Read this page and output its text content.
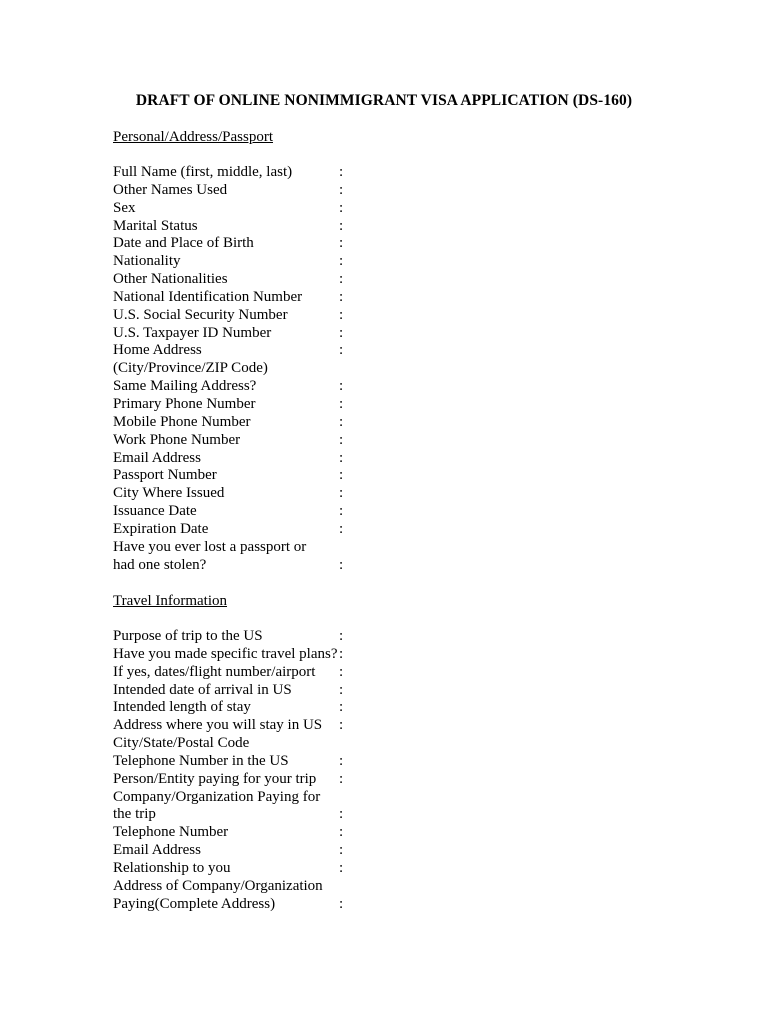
DRAFT OF ONLINE NONIMMIGRANT VISA APPLICATION (DS-160)
Personal/Address/Passport
Full Name (first, middle, last)	:
Other Names Used	:
Sex	:
Marital Status	:
Date and Place of Birth	:
Nationality	:
Other Nationalities	:
National Identification Number :
U.S. Social Security Number	:
U.S. Taxpayer ID Number	:
Home Address	:
(City/Province/ZIP Code)
Same Mailing Address?	:
Primary Phone Number	:
Mobile Phone Number	:
Work Phone Number	:
Email Address	:
Passport Number	:
City Where Issued	:
Issuance Date	:
Expiration Date	:
Have you ever lost a passport or
had one stolen?	:
Travel Information
Purpose of trip to the US	:
Have you made specific travel plans? :
If yes, dates/flight number/airport :
Intended date of arrival in US	:
Intended length of stay	:
Address where you will stay in US :
City/State/Postal Code
Telephone Number in the US	:
Person/Entity paying for your trip :
Company/Organization Paying for
the trip	:
Telephone Number	:
Email Address	:
Relationship to you	:
Address of Company/Organization
Paying(Complete Address)	:
